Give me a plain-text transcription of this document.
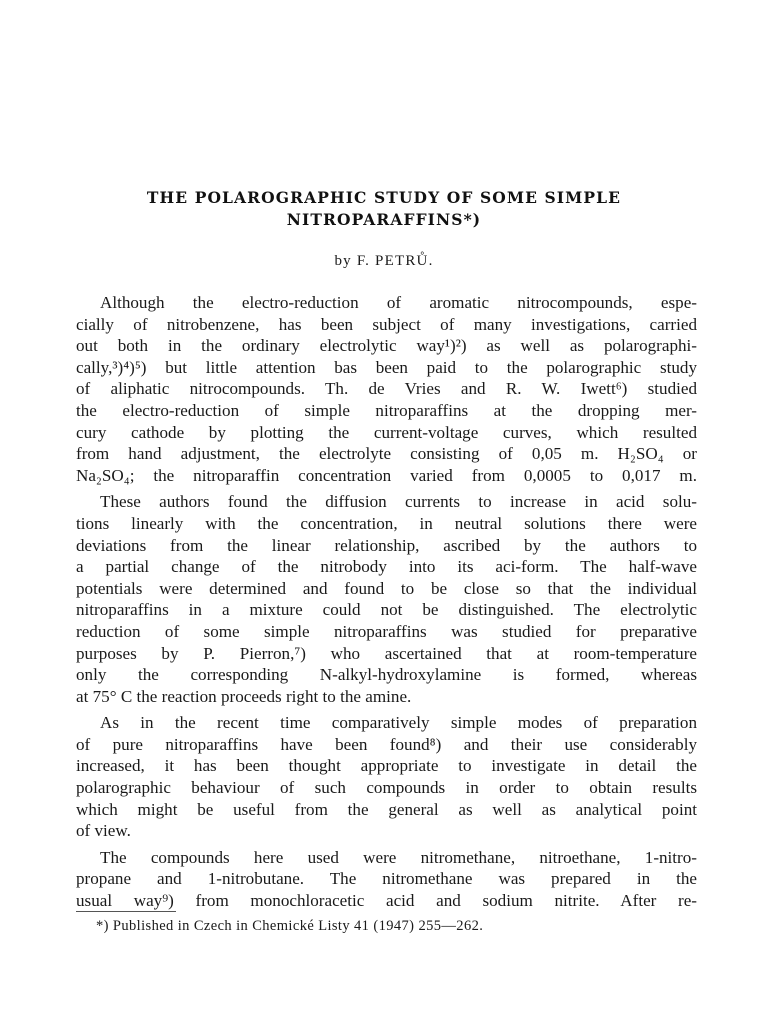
THE POLAROGRAPHIC STUDY OF SOME SIMPLE
NITROPARAFFINS*)
by F. PETRŮ.
Although the electro-reduction of aromatic nitrocompounds, espe-
cially of nitrobenzene, has been subject of many investigations, carried
out both in the ordinary electrolytic way¹)²) as well as polarographi-
cally,³)⁴)⁵) but little attention bas been paid to the polarographic study
of aliphatic nitrocompounds. Th. de Vries and R. W. Iwett⁶) studied
the electro-reduction of simple nitroparaffins at the dropping mer-
cury cathode by plotting the current-voltage curves, which resulted
from hand adjustment, the electrolyte consisting of 0,05 m. H₂SO₄ or
Na₂SO₄; the nitroparaffin concentration varied from 0,0005 to 0,017 m.
These authors found the diffusion currents to increase in acid solu-
tions linearly with the concentration, in neutral solutions there were
deviations from the linear relationship, ascribed by the authors to
a partial change of the nitrobody into its aci-form. The half-wave
potentials were determined and found to be close so that the individual
nitroparaffins in a mixture could not be distinguished. The electrolytic
reduction of some simple nitroparaffins was studied for preparative
purposes by P. Pierron,⁷) who ascertained that at room-temperature
only the corresponding N-alkyl-hydroxylamine is formed, whereas
at 75° C the reaction proceeds right to the amine.
As in the recent time comparatively simple modes of preparation
of pure nitroparaffins have been found⁸) and their use considerably
increased, it has been thought appropriate to investigate in detail the
polarographic behaviour of such compounds in order to obtain results
which might be useful from the general as well as analytical point
of view.
The compounds here used were nitromethane, nitroethane, 1-nitro-
propane and 1-nitrobutane. The nitromethane was prepared in the
usual way⁹) from monochloracetic acid and sodium nitrite. After re-
*) Published in Czech in Chemické Listy 41 (1947) 255—262.
